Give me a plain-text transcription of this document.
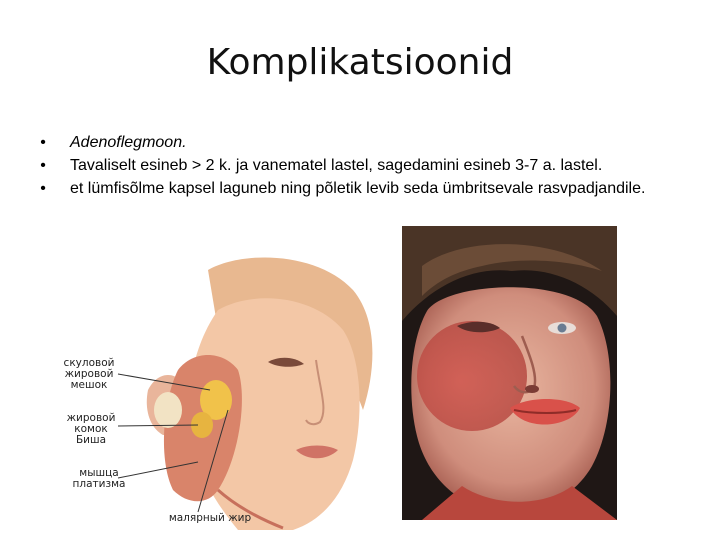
Komplikatsioonid
• Adenoflegmoon.
• Tavaliselt esineb > 2 k. ja vanematel lastel, sagedamini esineb 3-7 a. lastel.
• et lümfisõlme kapsel laguneb ning põletik levib seda ümbritsevale rasvpadjandile.
скуловой жировой мешок
жировой комок Биша
мышца платизма
малярный жир
